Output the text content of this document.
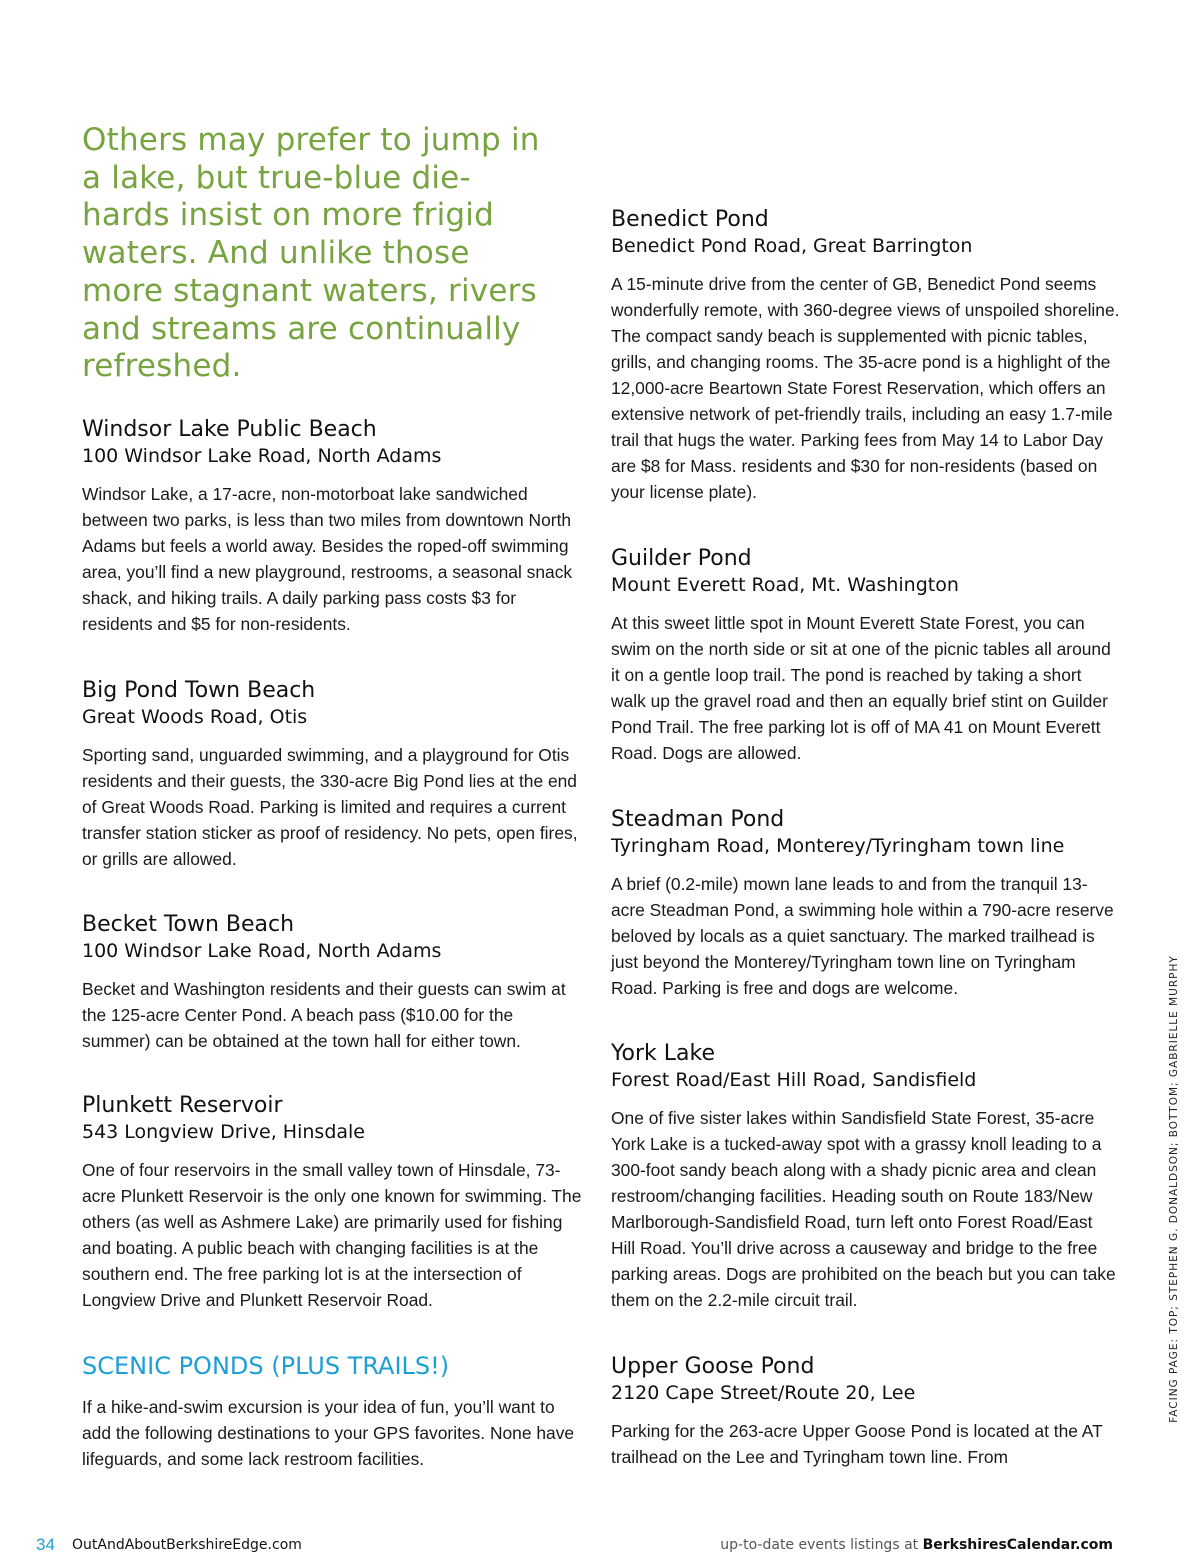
Others may prefer to jump in a lake, but true-blue die-hards insist on more frigid waters. And unlike those more stagnant waters, rivers and streams are continually refreshed.

Windsor Lake Public Beach

100 Windsor Lake Road, North Adams

Windsor Lake, a 17-acre, non-motorboat lake sandwiched between two parks, is less than two miles from downtown North Adams but feels a world away. Besides the roped-off swimming area, you’ll find a new playground, restrooms, a seasonal snack shack, and hiking trails. A daily parking pass costs $3 for residents and $5 for non-residents.

Big Pond Town Beach

Great Woods Road, Otis

Sporting sand, unguarded swimming, and a playground for Otis residents and their guests, the 330-acre Big Pond lies at the end of Great Woods Road. Parking is limited and requires a current transfer station sticker as proof of residency. No pets, open fires, or grills are allowed.

Becket Town Beach

100 Windsor Lake Road, North Adams

Becket and Washington residents and their guests can swim at the 125-acre Center Pond. A beach pass ($10.00 for the summer) can be obtained at the town hall for either town.

Plunkett Reservoir

543 Longview Drive, Hinsdale

One of four reservoirs in the small valley town of Hinsdale, 73-acre Plunkett Reservoir is the only one known for swimming. The others (as well as Ashmere Lake) are primarily used for fishing and boating. A public beach with changing facilities is at the southern end. The free parking lot is at the intersection of Longview Drive and Plunkett Reservoir Road.

SCENIC PONDS (PLUS TRAILS!)

If a hike-and-swim excursion is your idea of fun, you’ll want to add the following destinations to your GPS favorites. None have lifeguards, and some lack restroom facilities.

Benedict Pond

Benedict Pond Road, Great Barrington

A 15-minute drive from the center of GB, Benedict Pond seems wonderfully remote, with 360-degree views of unspoiled shoreline. The compact sandy beach is supplemented with picnic tables, grills, and changing rooms. The 35-acre pond is a highlight of the 12,000-acre Beartown State Forest Reservation, which offers an extensive network of pet-friendly trails, including an easy 1.7-mile trail that hugs the water. Parking fees from May 14 to Labor Day are $8 for Mass. residents and $30 for non-residents (based on your license plate).

Guilder Pond

Mount Everett Road, Mt. Washington

At this sweet little spot in Mount Everett State Forest, you can swim on the north side or sit at one of the picnic tables all around it on a gentle loop trail. The pond is reached by taking a short walk up the gravel road and then an equally brief stint on Guilder Pond Trail. The free parking lot is off of MA 41 on Mount Everett Road. Dogs are allowed.

Steadman Pond

Tyringham Road, Monterey/Tyringham town line

A brief (0.2-mile) mown lane leads to and from the tranquil 13-acre Steadman Pond, a swimming hole within a 790-acre reserve beloved by locals as a quiet sanctuary. The marked trailhead is just beyond the Monterey/Tyringham town line on Tyringham Road. Parking is free and dogs are welcome.

York Lake

Forest Road/East Hill Road, Sandisfield

One of five sister lakes within Sandisfield State Forest, 35-acre York Lake is a tucked-away spot with a grassy knoll leading to a 300-foot sandy beach along with a shady picnic area and clean restroom/changing facilities. Heading south on Route 183/New Marlborough-Sandisfield Road, turn left onto Forest Road/East Hill Road. You’ll drive across a causeway and bridge to the free parking areas. Dogs are prohibited on the beach but you can take them on the 2.2-mile circuit trail.

Upper Goose Pond

2120 Cape Street/Route 20, Lee

Parking for the 263-acre Upper Goose Pond is located at the AT trailhead on the Lee and Tyringham town line. From

FACING PAGE: TOP; STEPHEN G. DONALDSON; BOTTOM; GABRIELLE MURPHY
34 OutAndAboutBerkshireEdge.com	up-to-date events listings at BerkshiresCalendar.com
